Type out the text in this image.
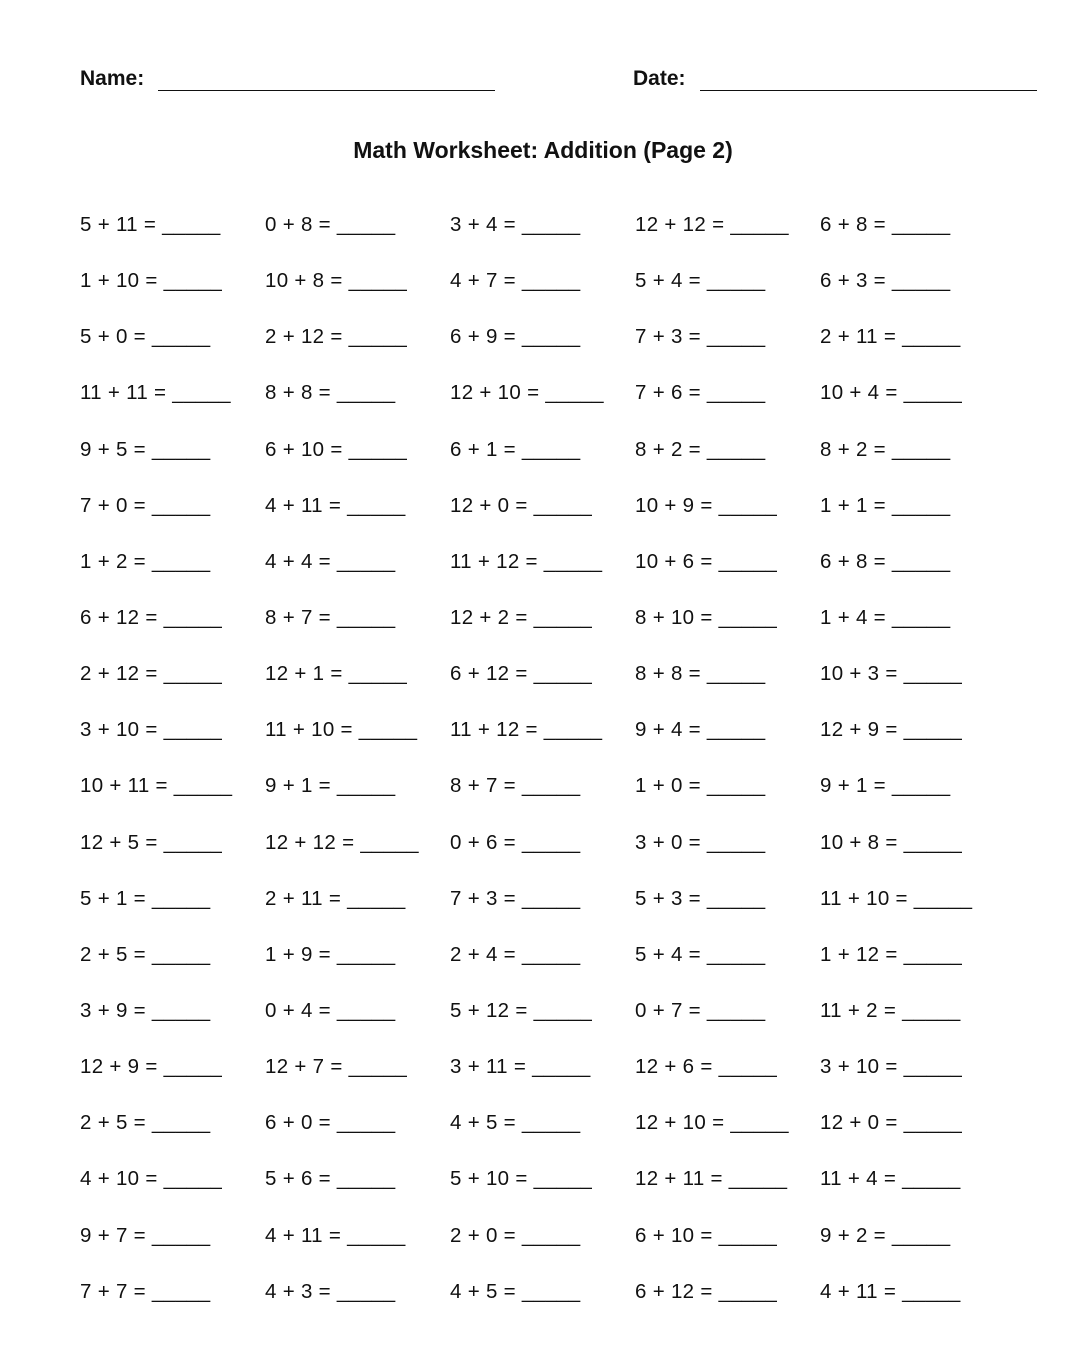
Name:	Date:
Math Worksheet: Addition (Page 2)
5 + 11 = _____	0 + 8 = _____	3 + 4 = _____	12 + 12 = _____	6 + 8 = _____
1 + 10 = _____	10 + 8 = _____	4 + 7 = _____	5 + 4 = _____	6 + 3 = _____
5 + 0 = _____	2 + 12 = _____	6 + 9 = _____	7 + 3 = _____	2 + 11 = _____
11 + 11 = _____	8 + 8 = _____	12 + 10 = _____	7 + 6 = _____	10 + 4 = _____
9 + 5 = _____	6 + 10 = _____	6 + 1 = _____	8 + 2 = _____	8 + 2 = _____
7 + 0 = _____	4 + 11 = _____	12 + 0 = _____	10 + 9 = _____	1 + 1 = _____
1 + 2 = _____	4 + 4 = _____	11 + 12 = _____	10 + 6 = _____	6 + 8 = _____
6 + 12 = _____	8 + 7 = _____	12 + 2 = _____	8 + 10 = _____	1 + 4 = _____
2 + 12 = _____	12 + 1 = _____	6 + 12 = _____	8 + 8 = _____	10 + 3 = _____
3 + 10 = _____	11 + 10 = _____	11 + 12 = _____	9 + 4 = _____	12 + 9 = _____
10 + 11 = _____	9 + 1 = _____	8 + 7 = _____	1 + 0 = _____	9 + 1 = _____
12 + 5 = _____	12 + 12 = _____	0 + 6 = _____	3 + 0 = _____	10 + 8 = _____
5 + 1 = _____	2 + 11 = _____	7 + 3 = _____	5 + 3 = _____	11 + 10 = _____
2 + 5 = _____	1 + 9 = _____	2 + 4 = _____	5 + 4 = _____	1 + 12 = _____
3 + 9 = _____	0 + 4 = _____	5 + 12 = _____	0 + 7 = _____	11 + 2 = _____
12 + 9 = _____	12 + 7 = _____	3 + 11 = _____	12 + 6 = _____	3 + 10 = _____
2 + 5 = _____	6 + 0 = _____	4 + 5 = _____	12 + 10 = _____	12 + 0 = _____
4 + 10 = _____	5 + 6 = _____	5 + 10 = _____	12 + 11 = _____	11 + 4 = _____
9 + 7 = _____	4 + 11 = _____	2 + 0 = _____	6 + 10 = _____	9 + 2 = _____
7 + 7 = _____	4 + 3 = _____	4 + 5 = _____	6 + 12 = _____	4 + 11 = _____
